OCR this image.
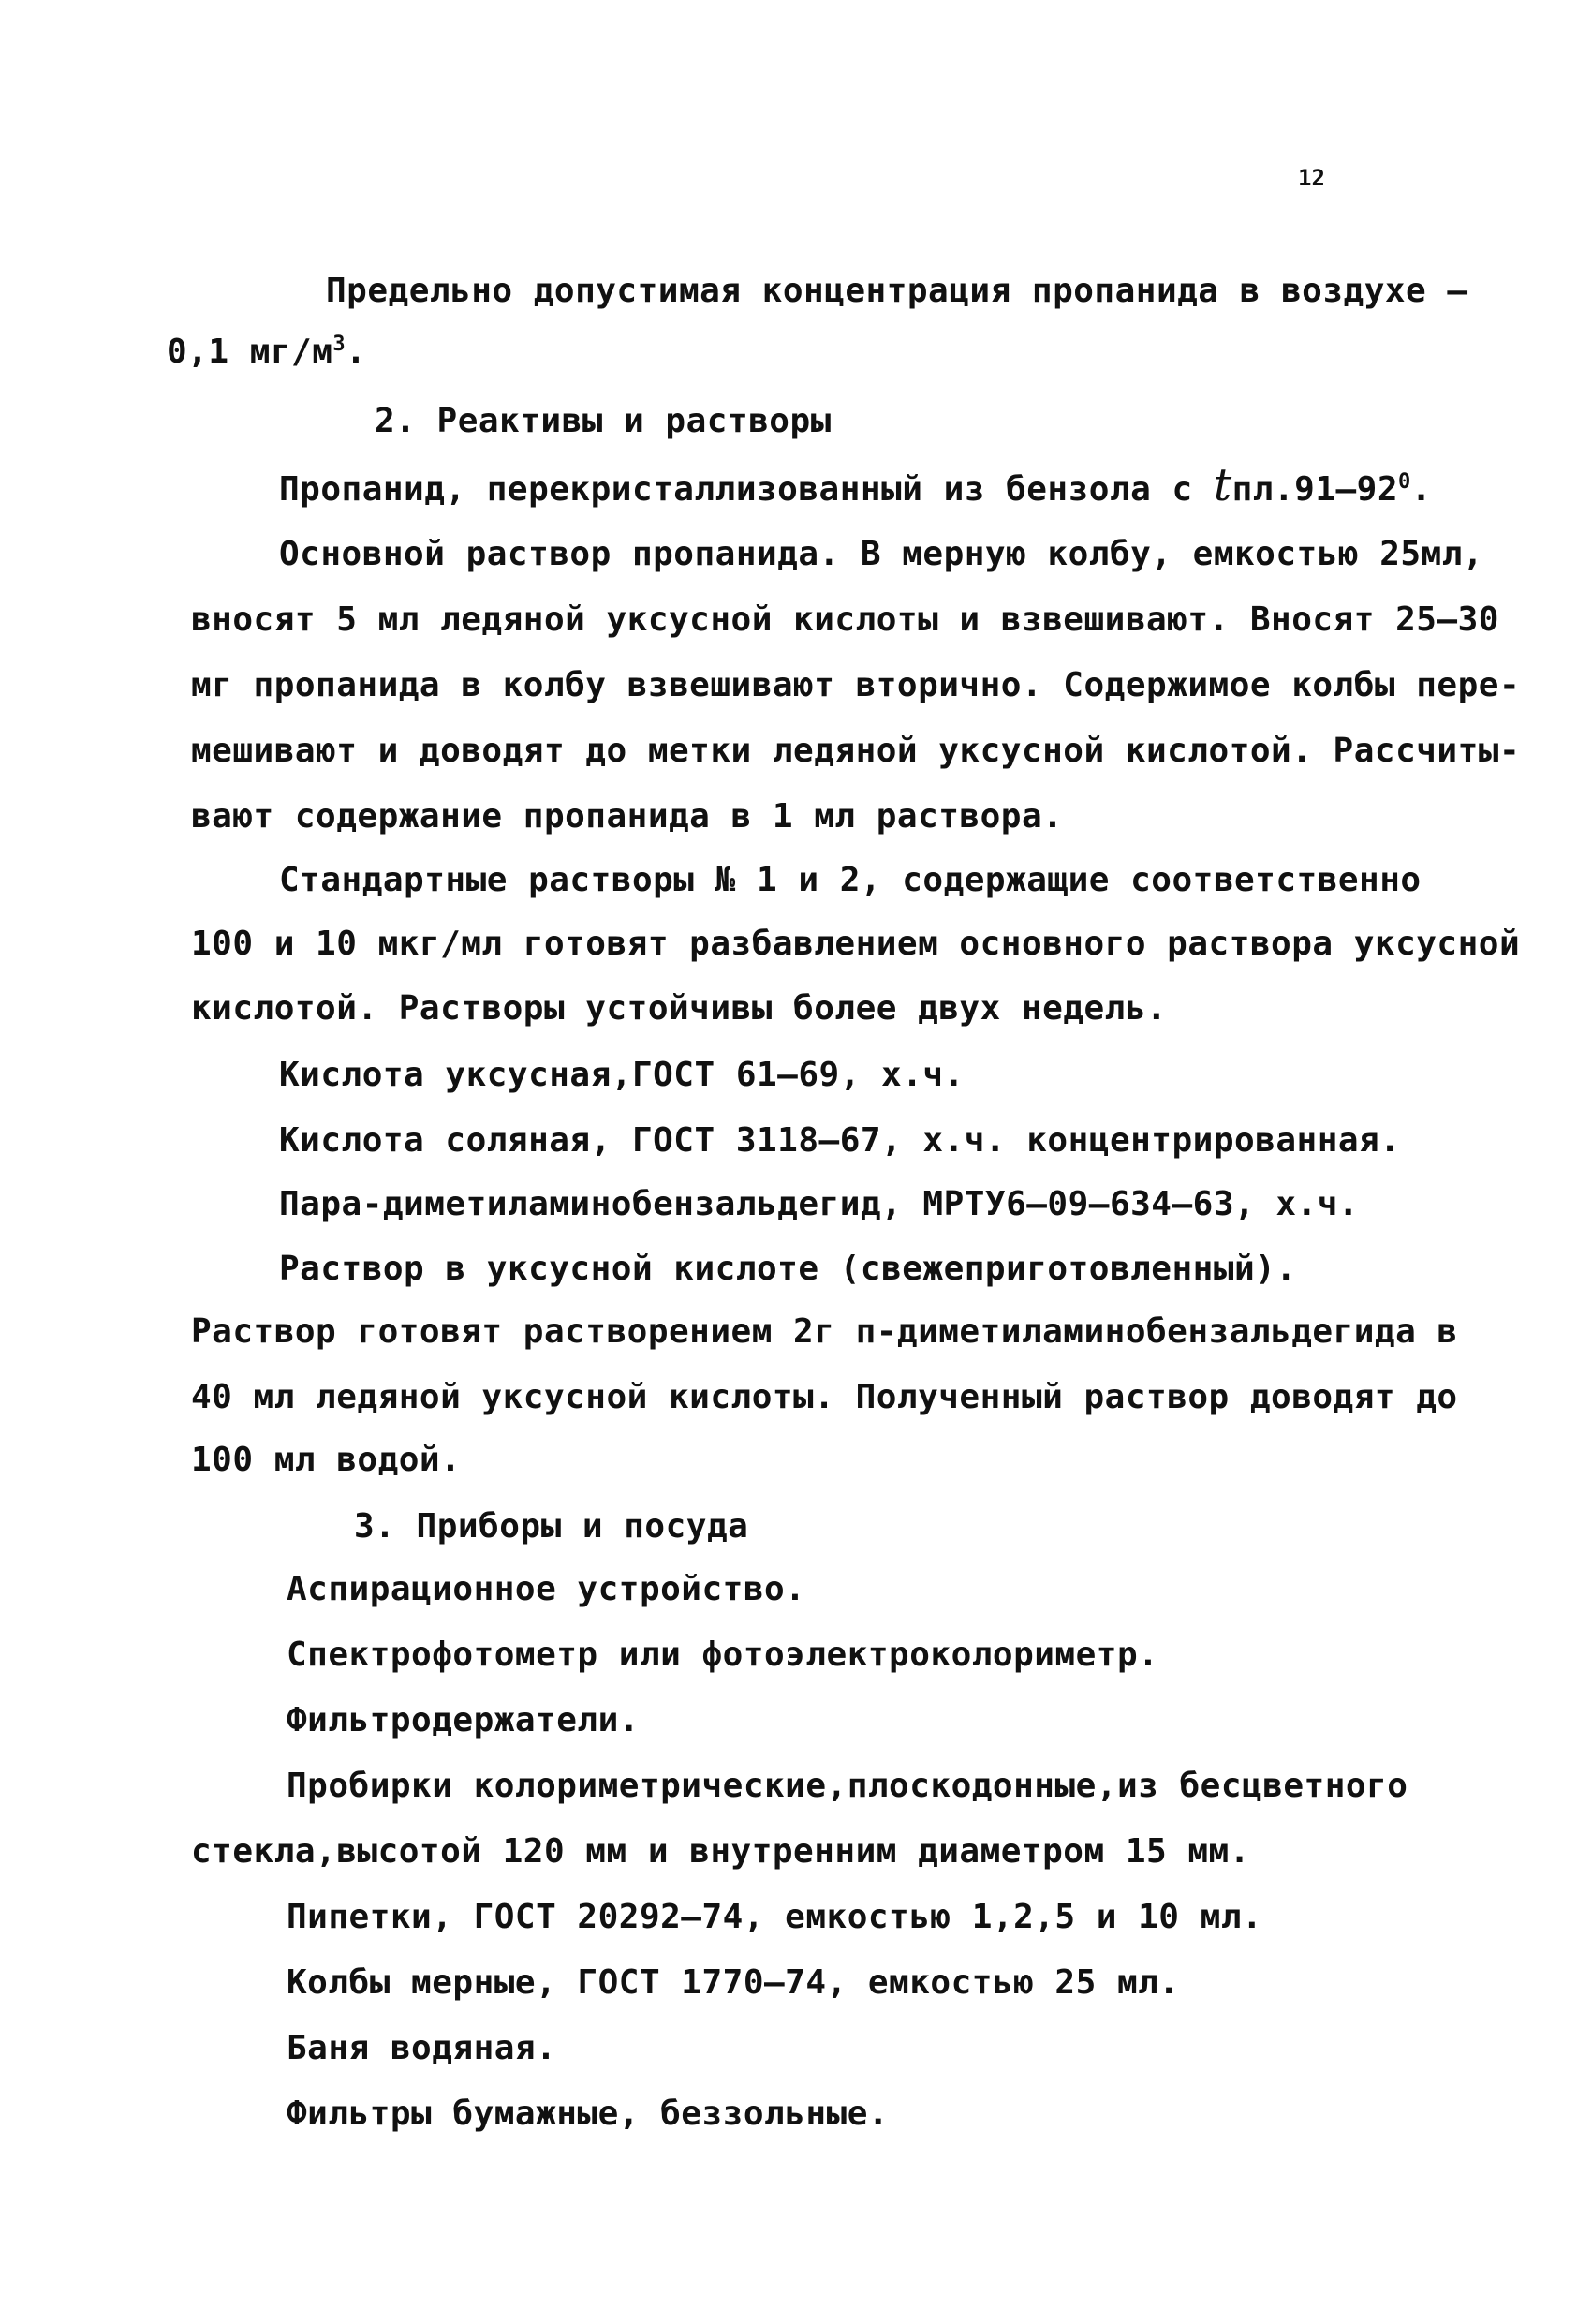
12
Предельно допустимая концентрация пропанида в воздухе –
0,1 $мг/м^3$.
2. Реактивы и растворы
Пропанид, перекристаллизованный из бензола с $tпл.91-92^0$.
Основной раствор пропанида. В мерную колбу, емкостью 25мл,
вносят 5 мл ледяной уксусной кислоты и взвешивают. Вносят 25–30
мг пропанида в колбу взвешивают вторично. Содержимое колбы пере-
мешивают и доводят до метки ледяной уксусной кислотой. Рассчиты-
вают содержание пропанида в 1 мл раствора.
Стандартные растворы № 1 и 2, содержащие соответственно
100 и 10 мкг/мл готовят разбавлением основного раствора уксусной
кислотой. Растворы устойчивы более двух недель.
Кислота уксусная,ГОСТ 61–69, х.ч.
Кислота соляная, ГОСТ 3118–67, х.ч. концентрированная.
Пара-диметиламинобензальдегид, МРТУ6–09–634–63, х.ч.
Раствор в уксусной кислоте (свежеприготовленный).
Раствор готовят растворением 2г п-диметиламинобензальдегида в
40 мл ледяной уксусной кислоты. Полученный раствор доводят до
100 мл водой.
3. Приборы и посуда
Аспирационное устройство.
Спектрофотометр или фотоэлектроколориметр.
Фильтродержатели.
Пробирки колориметрические,плоскодонные,из бесцветного
стекла,высотой 120 мм и внутренним диаметром 15 мм.
Пипетки, ГОСТ 20292–74, емкостью 1,2,5 и 10 мл.
Колбы мерные, ГОСТ 1770–74, емкостью 25 мл.
Баня водяная.
Фильтры бумажные, беззольные.
